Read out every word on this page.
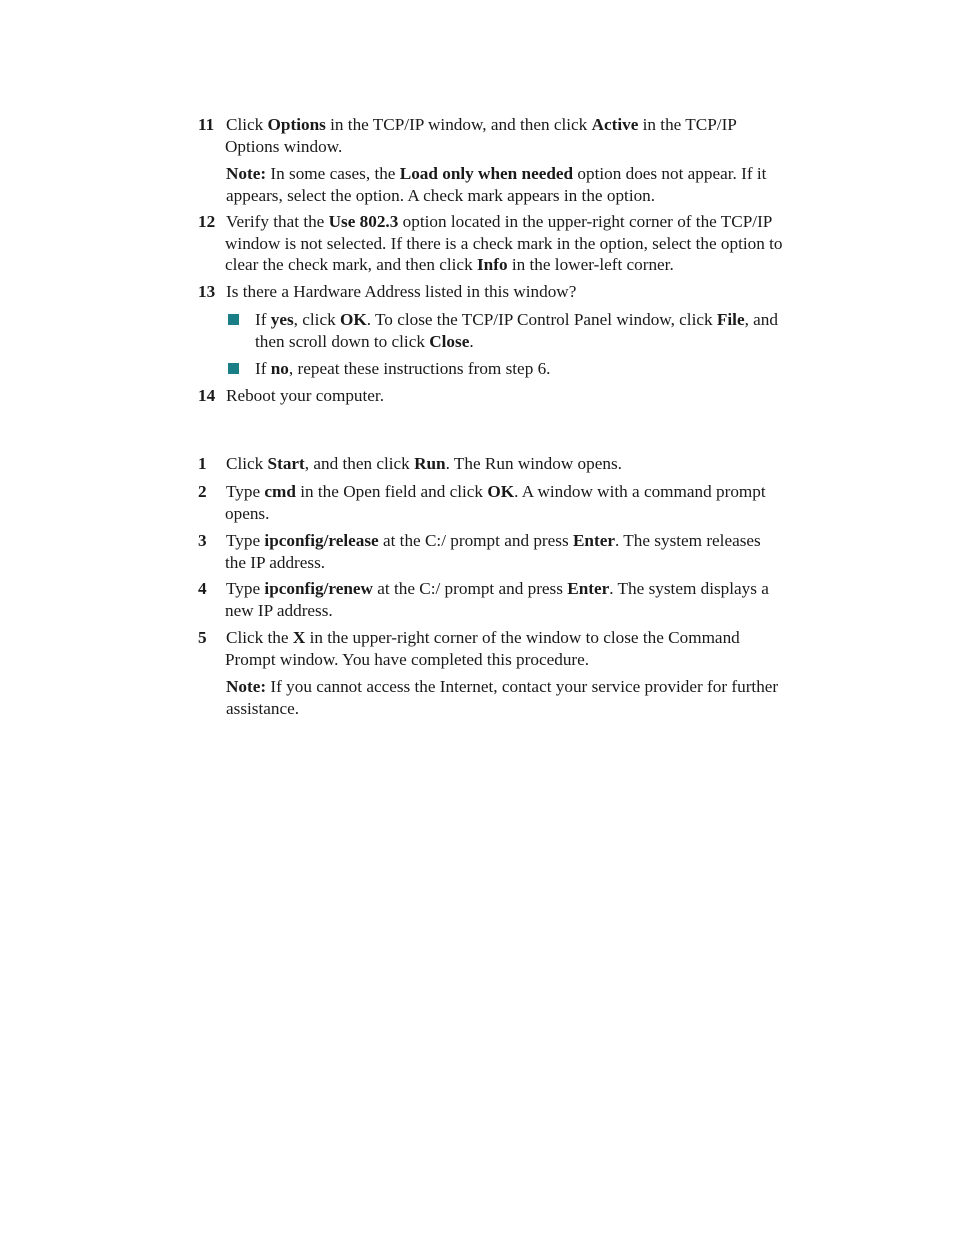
11 Click Options in the TCP/IP window, and then click Active in the TCP/IP
Options window.
Note: In some cases, the Load only when needed option does not appear. If it
appears, select the option. A check mark appears in the option.
12 Verify that the Use 802.3 option located in the upper-right corner of the TCP/IP
window is not selected. If there is a check mark in the option, select the option to
clear the check mark, and then click Info in the lower-left corner.
13 Is there a Hardware Address listed in this window?
If yes, click OK. To close the TCP/IP Control Panel window, click File, and
then scroll down to click Close.
If no, repeat these instructions from step 6.
14 Reboot your computer.
1	Click Start, and then click Run. The Run window opens.
2	Type cmd in the Open field and click OK. A window with a command prompt
opens.
3	Type ipconfig/release at the C:/ prompt and press Enter. The system releases
the IP address.
4	Type ipconfig/renew at the C:/ prompt and press Enter. The system displays a
new IP address.
5	Click the X in the upper-right corner of the window to close the Command
Prompt window. You have completed this procedure.
Note: If you cannot access the Internet, contact your service provider for further
assistance.
